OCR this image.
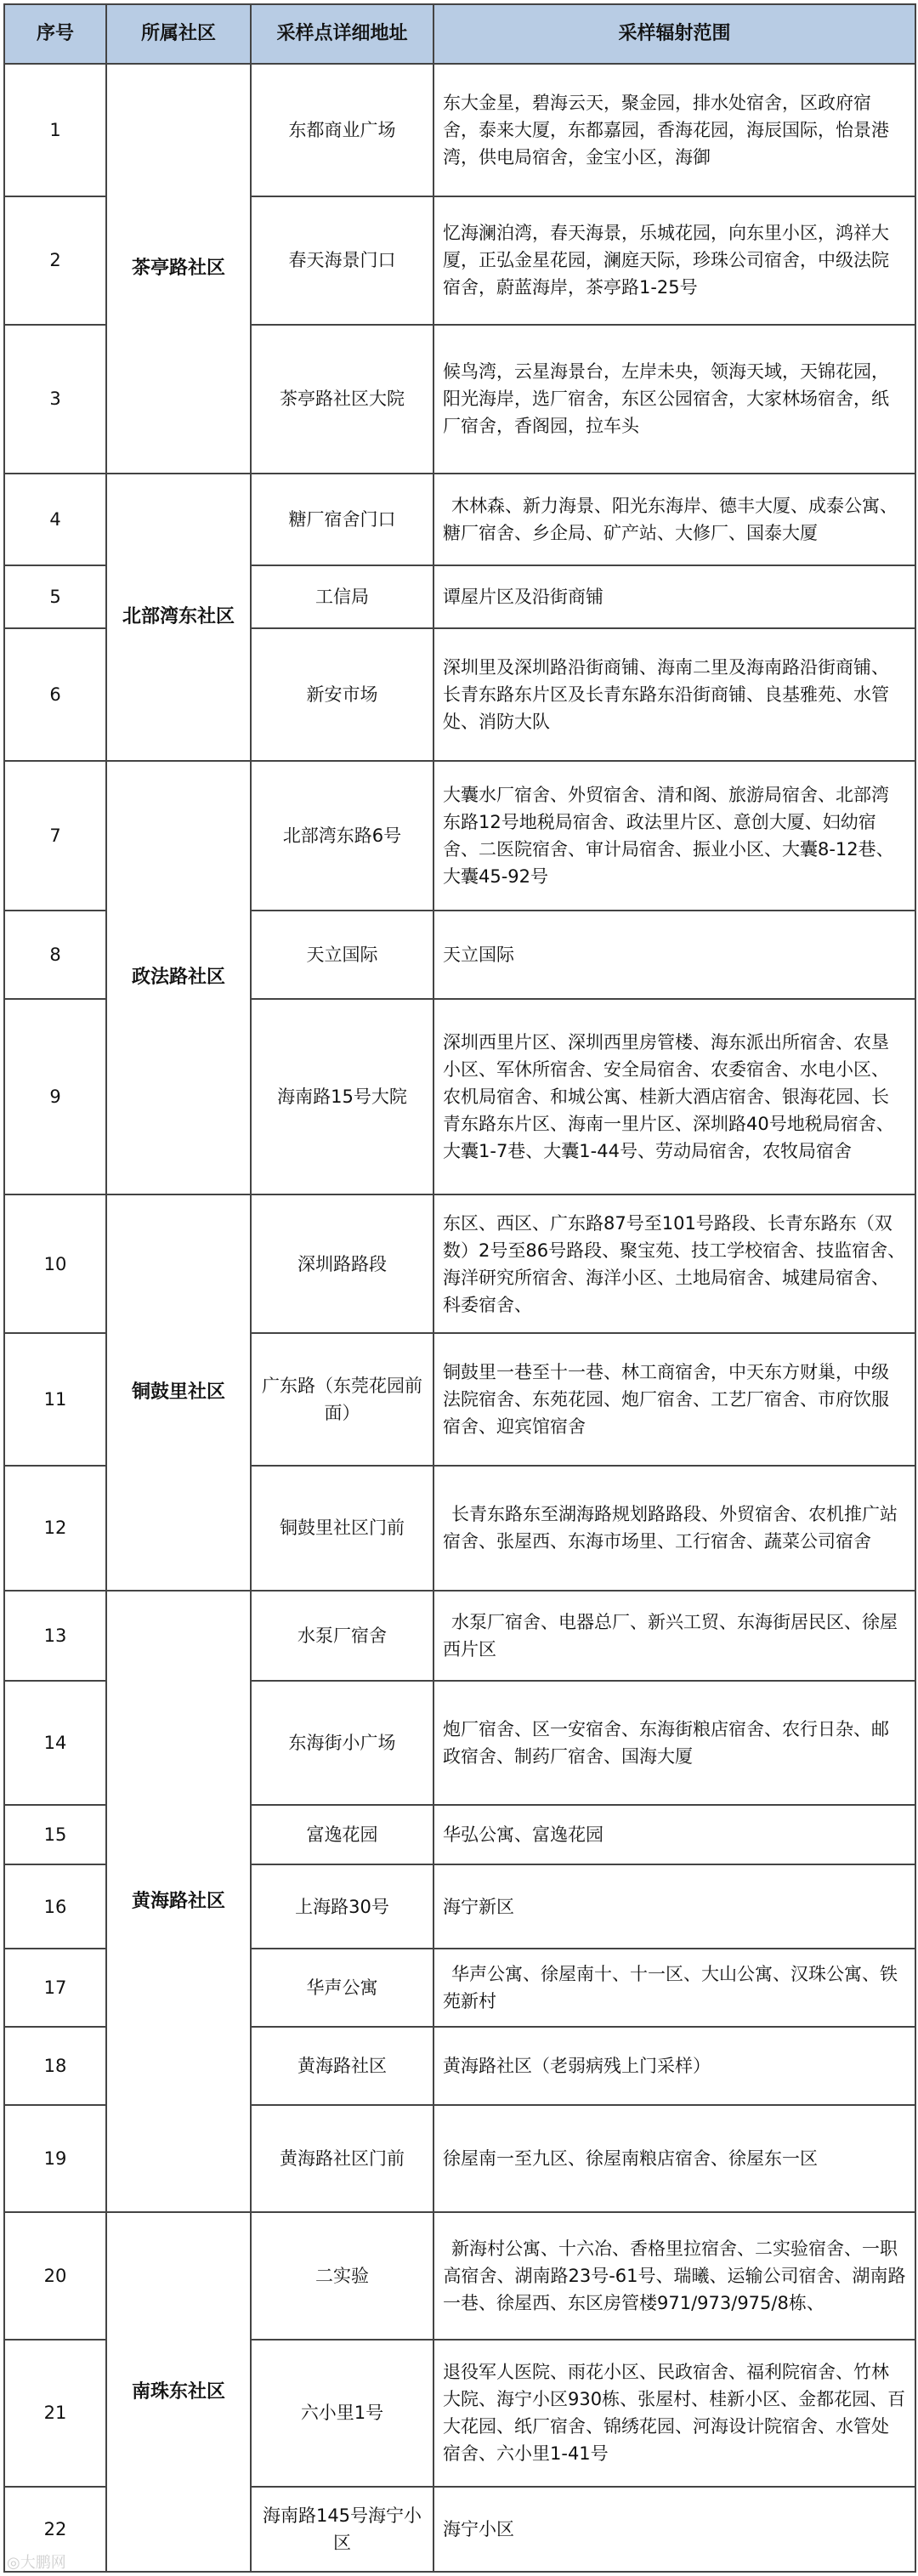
序号	所属社区	采样点详细地址	采样辐射范围
1	茶亭路社区	东都商业广场	东大金星，碧海云天，聚金园，排水处宿舍，区政府宿舍，泰来大厦，东都嘉园，香海花园，海辰国际，怡景港湾，供电局宿舍，金宝小区，海御
2		春天海景门口	忆海澜泊湾，春天海景，乐城花园，向东里小区，鸿祥大厦，正弘金星花园，澜庭天际，珍珠公司宿舍，中级法院宿舍，蔚蓝海岸，茶亭路1-25号
3		茶亭路社区大院	候鸟湾，云星海景台，左岸未央，领海天域，天锦花园，阳光海岸，选厂宿舍，东区公园宿舍，大家林场宿舍，纸厂宿舍，香阁园，拉车头
4	北部湾东社区	糖厂宿舍门口	木林森、新力海景、阳光东海岸、德丰大厦、成泰公寓、糖厂宿舍、乡企局、矿产站、大修厂、国泰大厦
5		工信局	谭屋片区及沿街商铺
6		新安市场	深圳里及深圳路沿街商铺、海南二里及海南路沿街商铺、长青东路东片区及长青东路东沿街商铺、良基雅苑、水管处、消防大队
7	政法路社区	北部湾东路6号	大囊水厂宿舍、外贸宿舍、清和阁、旅游局宿舍、北部湾东路12号地税局宿舍、政法里片区、意创大厦、妇幼宿舍、二医院宿舍、审计局宿舍、振业小区、大囊8-12巷、大囊45-92号
8		天立国际	天立国际
9		海南路15号大院	深圳西里片区、深圳西里房管楼、海东派出所宿舍、农垦小区、军休所宿舍、安全局宿舍、农委宿舍、水电小区、农机局宿舍、和城公寓、桂新大酒店宿舍、银海花园、长青东路东片区、海南一里片区、深圳路40号地税局宿舍、大囊1-7巷、大囊1-44号、劳动局宿舍，农牧局宿舍
10	铜鼓里社区	深圳路路段	东区、西区、广东路87号至101号路段、长青东路东（双数）2号至86号路段、聚宝苑、技工学校宿舍、技监宿舍、海洋研究所宿舍、海洋小区、土地局宿舍、城建局宿舍、科委宿舍、
11		广东路（东莞花园前面）	铜鼓里一巷至十一巷、林工商宿舍，中天东方财巢，中级法院宿舍、东苑花园、炮厂宿舍、工艺厂宿舍、市府饮服宿舍、迎宾馆宿舍
12		铜鼓里社区门前	长青东路东至湖海路规划路路段、外贸宿舍、农机推广站宿舍、张屋西、东海市场里、工行宿舍、蔬菜公司宿舍
13	黄海路社区	水泵厂宿舍	水泵厂宿舍、电器总厂、新兴工贸、东海街居民区、徐屋西片区
14		东海街小广场	炮厂宿舍、区一安宿舍、东海街粮店宿舍、农行日杂、邮政宿舍、制药厂宿舍、国海大厦
15		富逸花园	华弘公寓、富逸花园
16		上海路30号	海宁新区
17		华声公寓	华声公寓、徐屋南十、十一区、大山公寓、汉珠公寓、铁苑新村
18		黄海路社区	黄海路社区（老弱病残上门采样）
19		黄海路社区门前	徐屋南一至九区、徐屋南粮店宿舍、徐屋东一区
20	南珠东社区	二实验	新海村公寓、十六冶、香格里拉宿舍、二实验宿舍、一职高宿舍、湖南路23号-61号、瑞曦、运输公司宿舍、湖南路一巷、徐屋西、东区房管楼971/973/975/8栋、
21		六小里1号	退役军人医院、雨花小区、民政宿舍、福利院宿舍、竹林大院、海宁小区930栋、张屋村、桂新小区、金都花园、百大花园、纸厂宿舍、锦绣花园、河海设计院宿舍、水管处宿舍、六小里1-41号
22		海南路145号海宁小区	海宁小区
◎大鹏网
